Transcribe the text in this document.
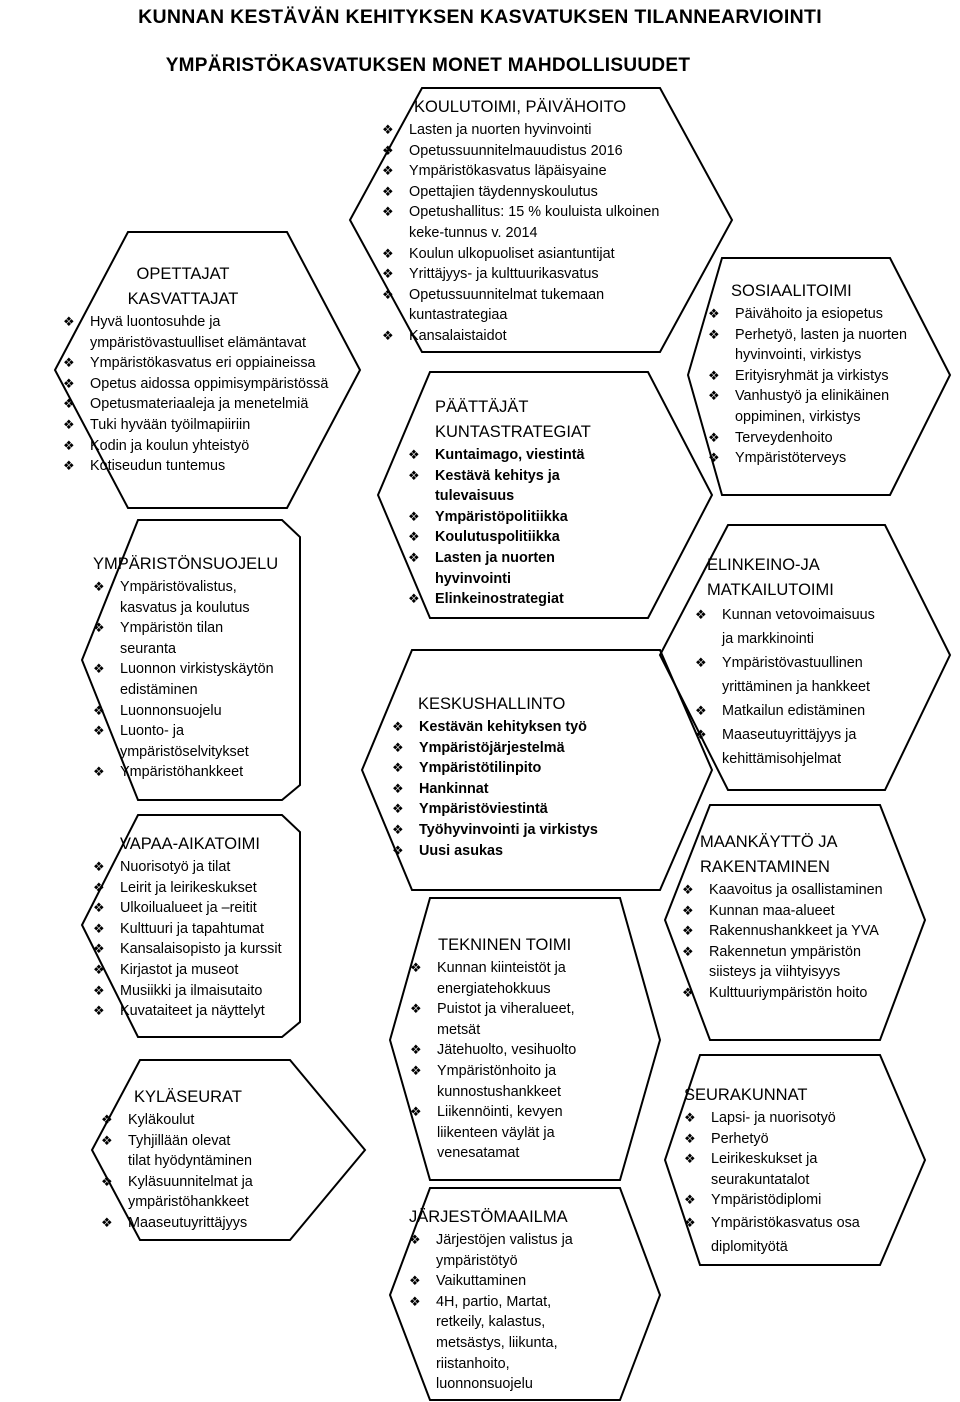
KUNNAN KESTÄVÄN KEHITYKSEN KASVATUKSEN TILANNEARVIOINTI
YMPÄRISTÖKASVATUKSEN MONET MAHDOLLISUUDET
OPETTAJAT
KASVATTAJAT
❖ Hyvä luontosuhde ja
ympäristövastuulliset elämäntavat
❖ Ympäristökasvatus eri oppiaineissa
❖ Opetus aidossa oppimisympäristössä
❖ Opetusmateriaaleja ja menetelmiä
❖ Tuki hyvään työilmapiiriin
❖ Kodin ja koulun yhteistyö
❖ Kotiseudun tuntemus
YMPÄRISTÖNSUOJELU
❖ Ympäristövalistus,
kasvatus ja koulutus
❖ Ympäristön tilan
seuranta
❖ Luonnon virkistyskäytön
edistäminen
❖ Luonnonsuojelu
❖ Luonto- ja
ympäristöselvitykset
❖ Ympäristöhankkeet
VAPAA-AIKATOIMI
❖ Nuorisotyö ja tilat
❖ Leirit ja leirikeskukset
❖ Ulkoilualueet ja –reitit
❖ Kulttuuri ja tapahtumat
❖ Kansalaisopisto ja kurssit
❖ Kirjastot ja museot
❖ Musiikki ja ilmaisutaito
❖ Kuvataiteet ja näyttelyt
KYLÄSEURAT
❖ Kyläkoulut
❖ Tyhjillään olevat
tilat hyödyntäminen
❖ Kyläsuunnitelmat ja
ympäristöhankkeet
❖ Maaseutuyrittäjyys
KOULUTOIMI, PÄIVÄHOITO
❖ Lasten ja nuorten hyvinvointi
❖ Opetussuunnitelmauudistus 2016
❖ Ympäristökasvatus läpäisyaine
❖ Opettajien täydennyskoulutus
❖ Opetushallitus: 15 % kouluista ulkoinen
keke-tunnus v. 2014
❖ Koulun ulkopuoliset asiantuntijat
❖ Yrittäjyys- ja kulttuurikasvatus
❖ Opetussuunnitelmat tukemaan
kuntastrategiaa
❖ Kansalaistaidot
PÄÄTTÄJÄT
KUNTASTRATEGIAT
❖ Kuntaimago, viestintä
❖ Kestävä kehitys ja
tulevaisuus
❖ Ympäristöpolitiikka
❖ Koulutuspolitiikka
❖ Lasten ja nuorten
hyvinvointi
❖ Elinkeinostrategiat
KESKUSHALLINTO
❖ Kestävän kehityksen työ
❖ Ympäristöjärjestelmä
❖ Ympäristötilinpito
❖ Hankinnat
❖ Ympäristöviestintä
❖ Työhyvinvointi ja virkistys
❖ Uusi asukas
TEKNINEN TOIMI
❖ Kunnan kiinteistöt ja
energiatehokkuus
❖ Puistot ja viheralueet,
metsät
❖ Jätehuolto, vesihuolto
❖ Ympäristönhoito ja
kunnostushankkeet
❖ Liikennöinti, kevyen
liikenteen väylät ja
venesatamat
JÄRJESTÖMAAILMA
❖ Järjestöjen valistus ja
ympäristötyö
❖ Vaikuttaminen
❖ 4H, partio, Martat,
retkeily, kalastus,
metsästys, liikunta,
riistanhoito,
luonnonsuojelu
SOSIAALITOIMI
❖ Päivähoito ja esiopetus
❖ Perhetyö, lasten ja nuorten
hyvinvointi, virkistys
❖ Erityisryhmät ja virkistys
❖ Vanhustyö ja elinikäinen
oppiminen, virkistys
❖ Terveydenhoito
❖ Ympäristöterveys
ELINKEINO-JA
MATKAILUTOIMI
❖ Kunnan vetovoimaisuus
ja markkinointi
❖ Ympäristövastuullinen
yrittäminen ja hankkeet
❖ Matkailun edistäminen
❖ Maaseutuyrittäjyys ja
kehittämisohjelmat
MAANKÄYTTÖ JA
RAKENTAMINEN
❖ Kaavoitus ja osallistaminen
❖ Kunnan maa-alueet
❖ Rakennushankkeet ja YVA
❖ Rakennetun ympäristön
siisteys ja viihtyisyys
❖ Kulttuuriympäristön hoito
SEURAKUNNAT
❖ Lapsi- ja nuorisotyö
❖ Perhetyö
❖ Leirikeskukset ja
seurakuntatalot
❖ Ympäristödiplomi
❖ Ympäristökasvatus osa
diplomityötä
